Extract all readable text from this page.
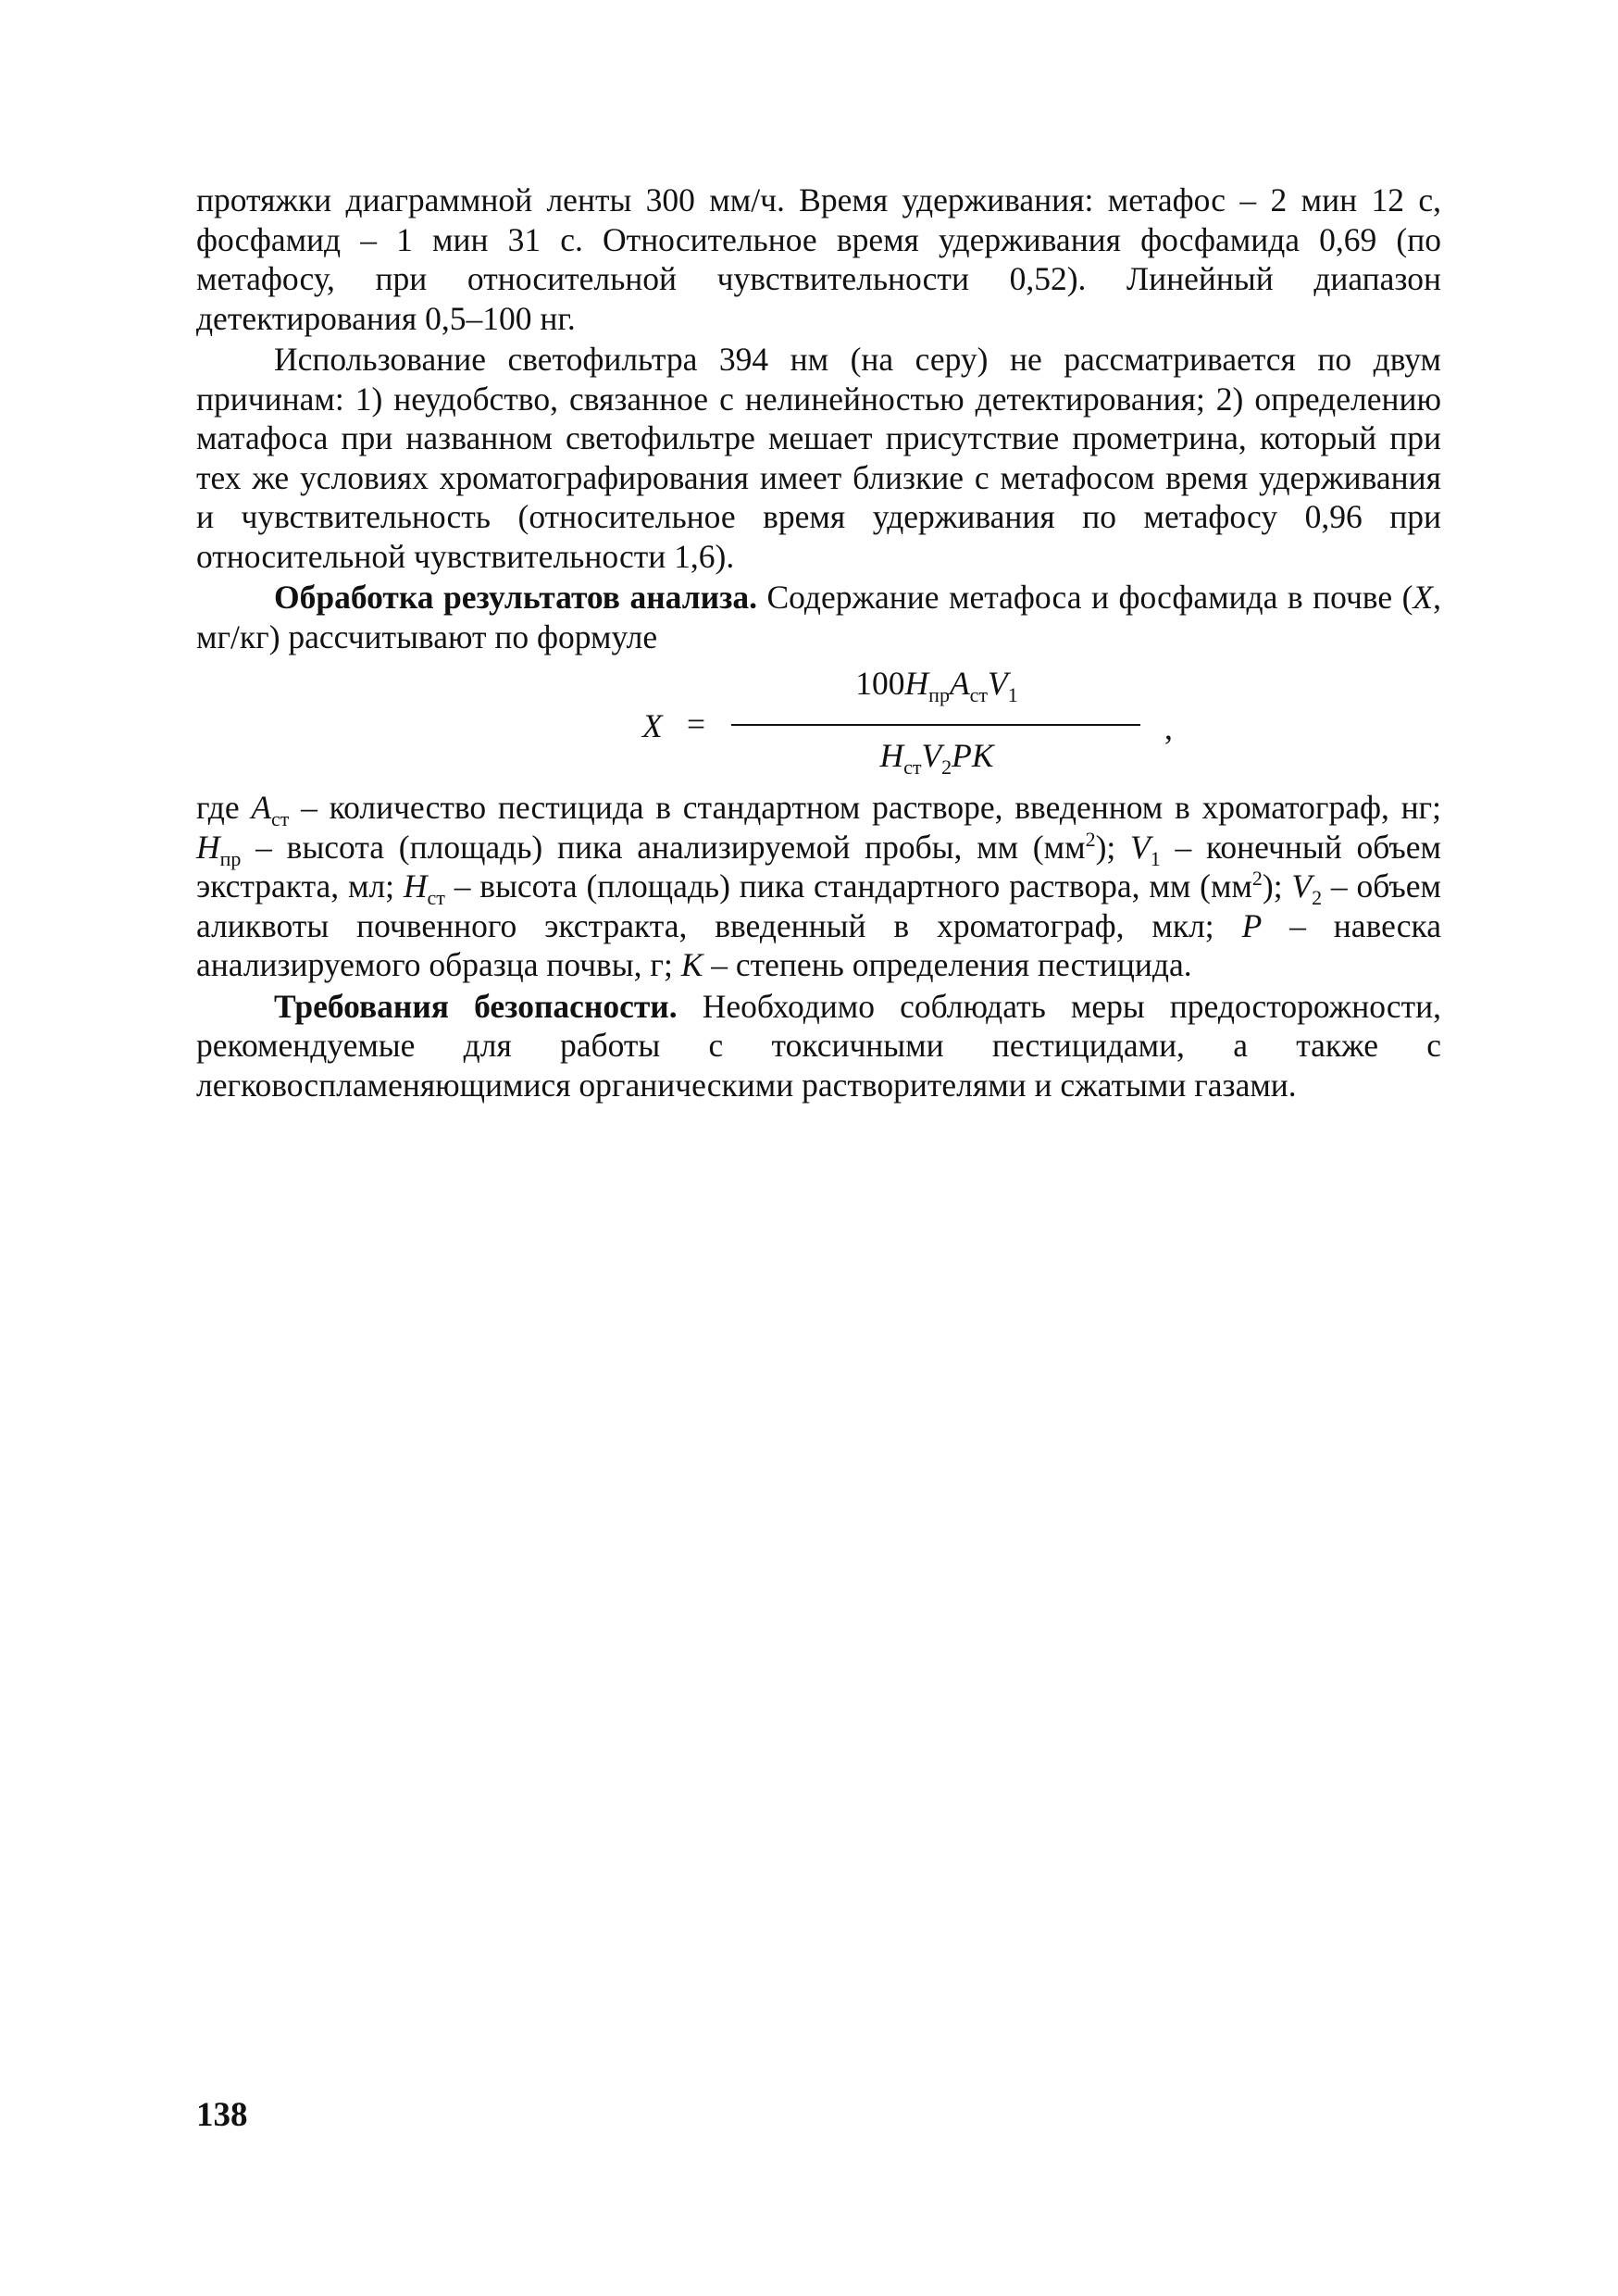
протяжки диаграммной ленты 300 мм/ч. Время удерживания: метафос – 2 мин 12 с, фосфамид – 1 мин 31 с. Относительное время удерживания фосфамида 0,69 (по метафосу, при относительной чувствительности 0,52). Линейный диапазон детектирования 0,5–100 нг.

Использование светофильтра 394 нм (на серу) не рассматривается по двум причинам: 1) неудобство, связанное с нелинейностью детектирования; 2) определению матафоса при названном светофильтре мешает присутствие прометрина, который при тех же условиях хроматографирования имеет близкие с метафосом время удерживания и чувствительность (относительное время удерживания по метафосу 0,96 при относительной чувствительности 1,6).

Обработка результатов анализа. Содержание метафоса и фосфамида в почве (X, мг/кг) рассчитывают по формуле

X =
$100H_{пр}A_{ст}V_1$
$H_{ст}V_2PK$
,

где $A_{ст}$ – количество пестицида в стандартном растворе, введенном в хроматограф, нг; $H_{пр}$ – высота (площадь) пика анализируемой пробы, мм $(мм^2)$; $V_1$ – конечный объем экстракта, мл; $H_{ст}$ – высота (площадь) пика стандартного раствора, мм $(мм^2)$; $V_2$ – объем аликвоты почвенного экстракта, введенный в хроматограф, мкл; P – навеска анализируемого образца почвы, г; K – степень определения пестицида.

Требования безопасности. Необходимо соблюдать меры предосторожности, рекомендуемые для работы с токсичными пестицидами, а также с легковоспламеняющимися органическими растворителями и сжатыми газами.

138
